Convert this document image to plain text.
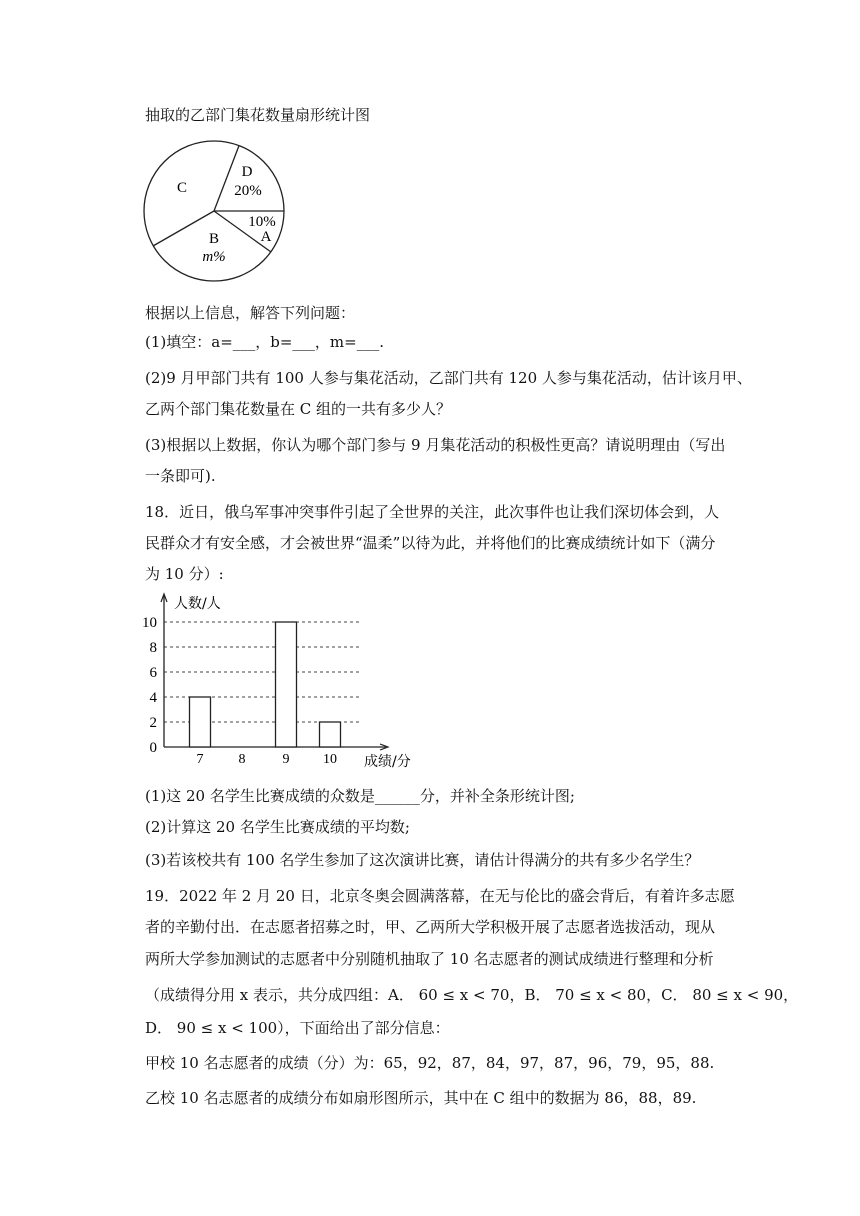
抽取的乙部门集花数量扇形统计图
C
D
20%
10%
A
B
m%
根据以上信息，解答下列问题：
(1)填空：a=___，b=___，m=___.
(2)9 月甲部门共有 100 人参与集花活动，乙部门共有 120 人参与集花活动，估计该月甲、
乙两个部门集花数量在 C 组的一共有多少人？
(3)根据以上数据，你认为哪个部门参与 9 月集花活动的积极性更高？请说明理由（写出
一条即可).
18．近日，俄乌军事冲突事件引起了全世界的关注，此次事件也让我们深切体会到，人
民群众才有安全感，才会被世界“温柔”以待为此，并将他们的比赛成绩统计如下（满分
为 10 分）:
0
2
4
6
8
10
7	8	9 10
人数/人
成绩/分
(1)这 20 名学生比赛成绩的众数是______分，并补全条形统计图;
(2)计算这 20 名学生比赛成绩的平均数;
(3)若该校共有 100 名学生参加了这次演讲比赛，请估计得满分的共有多少名学生？
19．2022 年 2 月 20 日，北京冬奥会圆满落幕，在无与伦比的盛会背后，有着许多志愿
者的辛勤付出．在志愿者招募之时，甲、乙两所大学积极开展了志愿者选拔活动，现从
两所大学参加测试的志愿者中分别随机抽取了 10 名志愿者的测试成绩进行整理和分析
（成绩得分用 x 表示，共分成四组：A． 60 ≤ x < 70，B． 70 ≤ x < 80，C． 80 ≤ x < 90，
D． 90 ≤ x < 100），下面给出了部分信息：
甲校 10 名志愿者的成绩（分）为：65，92，87，84，97，87，96，79，95，88.
乙校 10 名志愿者的成绩分布如扇形图所示，其中在 C 组中的数据为 86，88，89.
